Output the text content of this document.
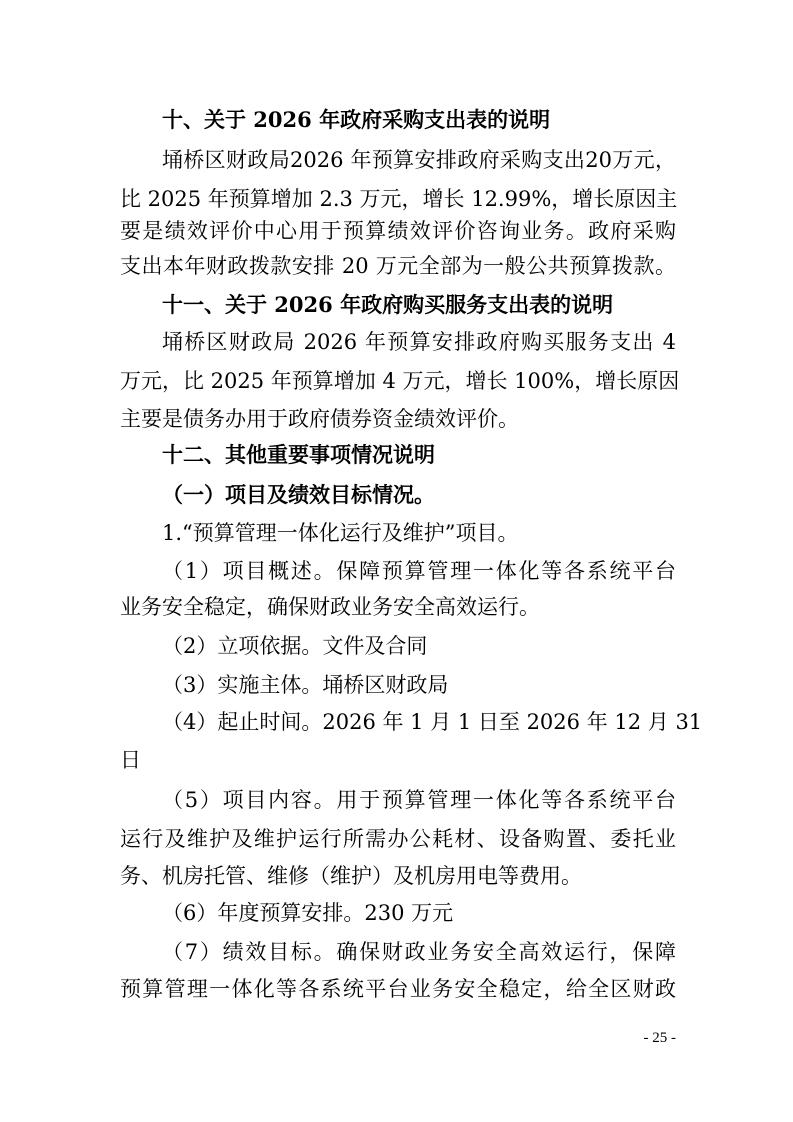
十、关于 2026 年政府采购支出表的说明

埇桥区财政局2026 年预算安排政府采购支出20万元，

比 2025 年预算增加 2.3 万元，增长 12.99%，增长原因主

要是绩效评价中心用于预算绩效评价咨询业务。政府采购

支出本年财政拨款安排 20 万元全部为一般公共预算拨款。

十一、关于 2026 年政府购买服务支出表的说明

埇桥区财政局 2026 年预算安排政府购买服务支出 4

万元，比 2025 年预算增加 4 万元，增长 100%，增长原因

主要是债务办用于政府债券资金绩效评价。

十二、其他重要事项情况说明

（一）项目及绩效目标情况。

1.“预算管理一体化运行及维护”项目。

（1）项目概述。保障预算管理一体化等各系统平台

业务安全稳定，确保财政业务安全高效运行。

（2）立项依据。文件及合同

（3）实施主体。埇桥区财政局

（4）起止时间。2026 年 1 月 1 日至 2026 年 12 月 31

日

（5）项目内容。用于预算管理一体化等各系统平台

运行及维护及维护运行所需办公耗材、设备购置、委托业

务、机房托管、维修（维护）及机房用电等费用。

（6）年度预算安排。230 万元

（7）绩效目标。确保财政业务安全高效运行，保障

预算管理一体化等各系统平台业务安全稳定，给全区财政

- 25 -
